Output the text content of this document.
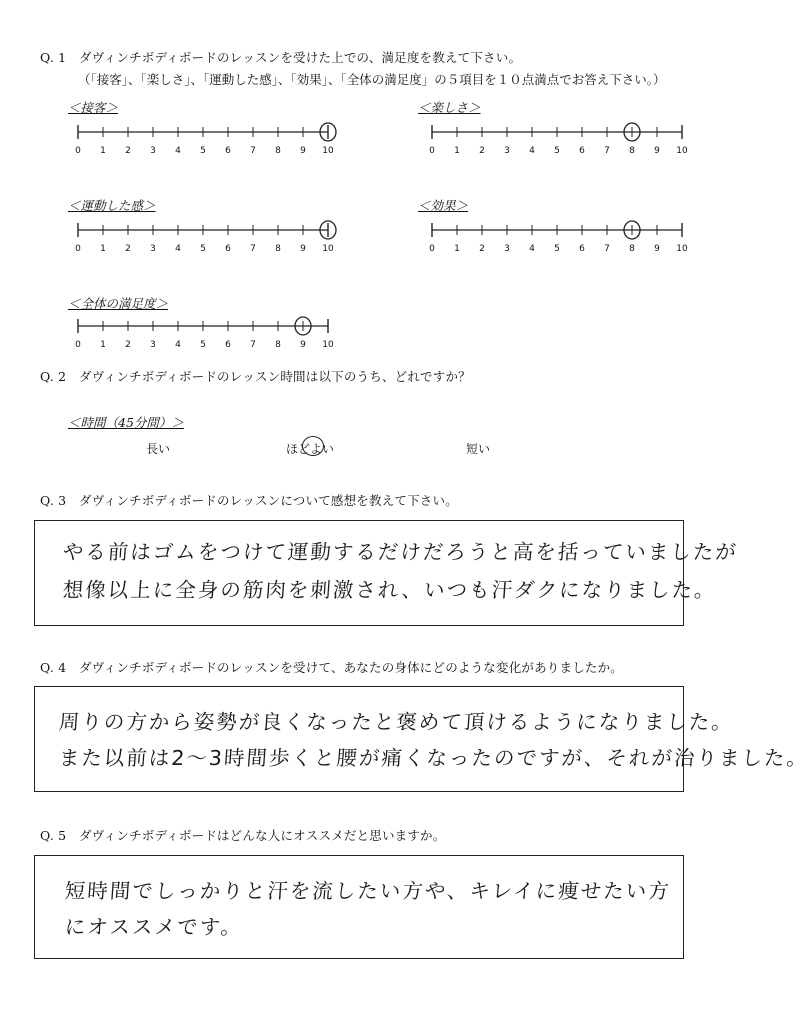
Q. 1　ダヴィンチボディボードのレッスンを受けた上での、満足度を教えて下さい。
（「接客」、「楽しさ」、「運動した感」、「効果」、「全体の満足度」の５項目を１０点満点でお答え下さい。）
＜接客＞
0 1 2 3 4 5 6 7 8 9 10
＜楽しさ＞
0 1 2 3 4 5 6 7 8 9 10
＜運動した感＞
0 1 2 3 4 5 6 7 8 9 10
＜効果＞
0 1 2 3 4 5 6 7 8 9 10
＜全体の満足度＞
0 1 2 3 4 5 6 7 8 9 10
Q. 2　ダヴィンチボディボードのレッスン時間は以下のうち、どれですか？
＜時間（45分間）＞
長い	ほどよい	短い
Q. 3　ダヴィンチボディボードのレッスンについて感想を教えて下さい。
やる前はゴムをつけて運動するだけだろうと高を括っていましたが
想像以上に全身の筋肉を刺激され、いつも汗ダクになりました。
Q. 4　ダヴィンチボディボードのレッスンを受けて、あなたの身体にどのような変化がありましたか。
周りの方から姿勢が良くなったと褒めて頂けるようになりました。
また以前は2～3時間歩くと腰が痛くなったのですが、それが治りました。
Q. 5　ダヴィンチボディボードはどんな人にオススメだと思いますか。
短時間でしっかりと汗を流したい方や、キレイに痩せたい方
にオススメです。
